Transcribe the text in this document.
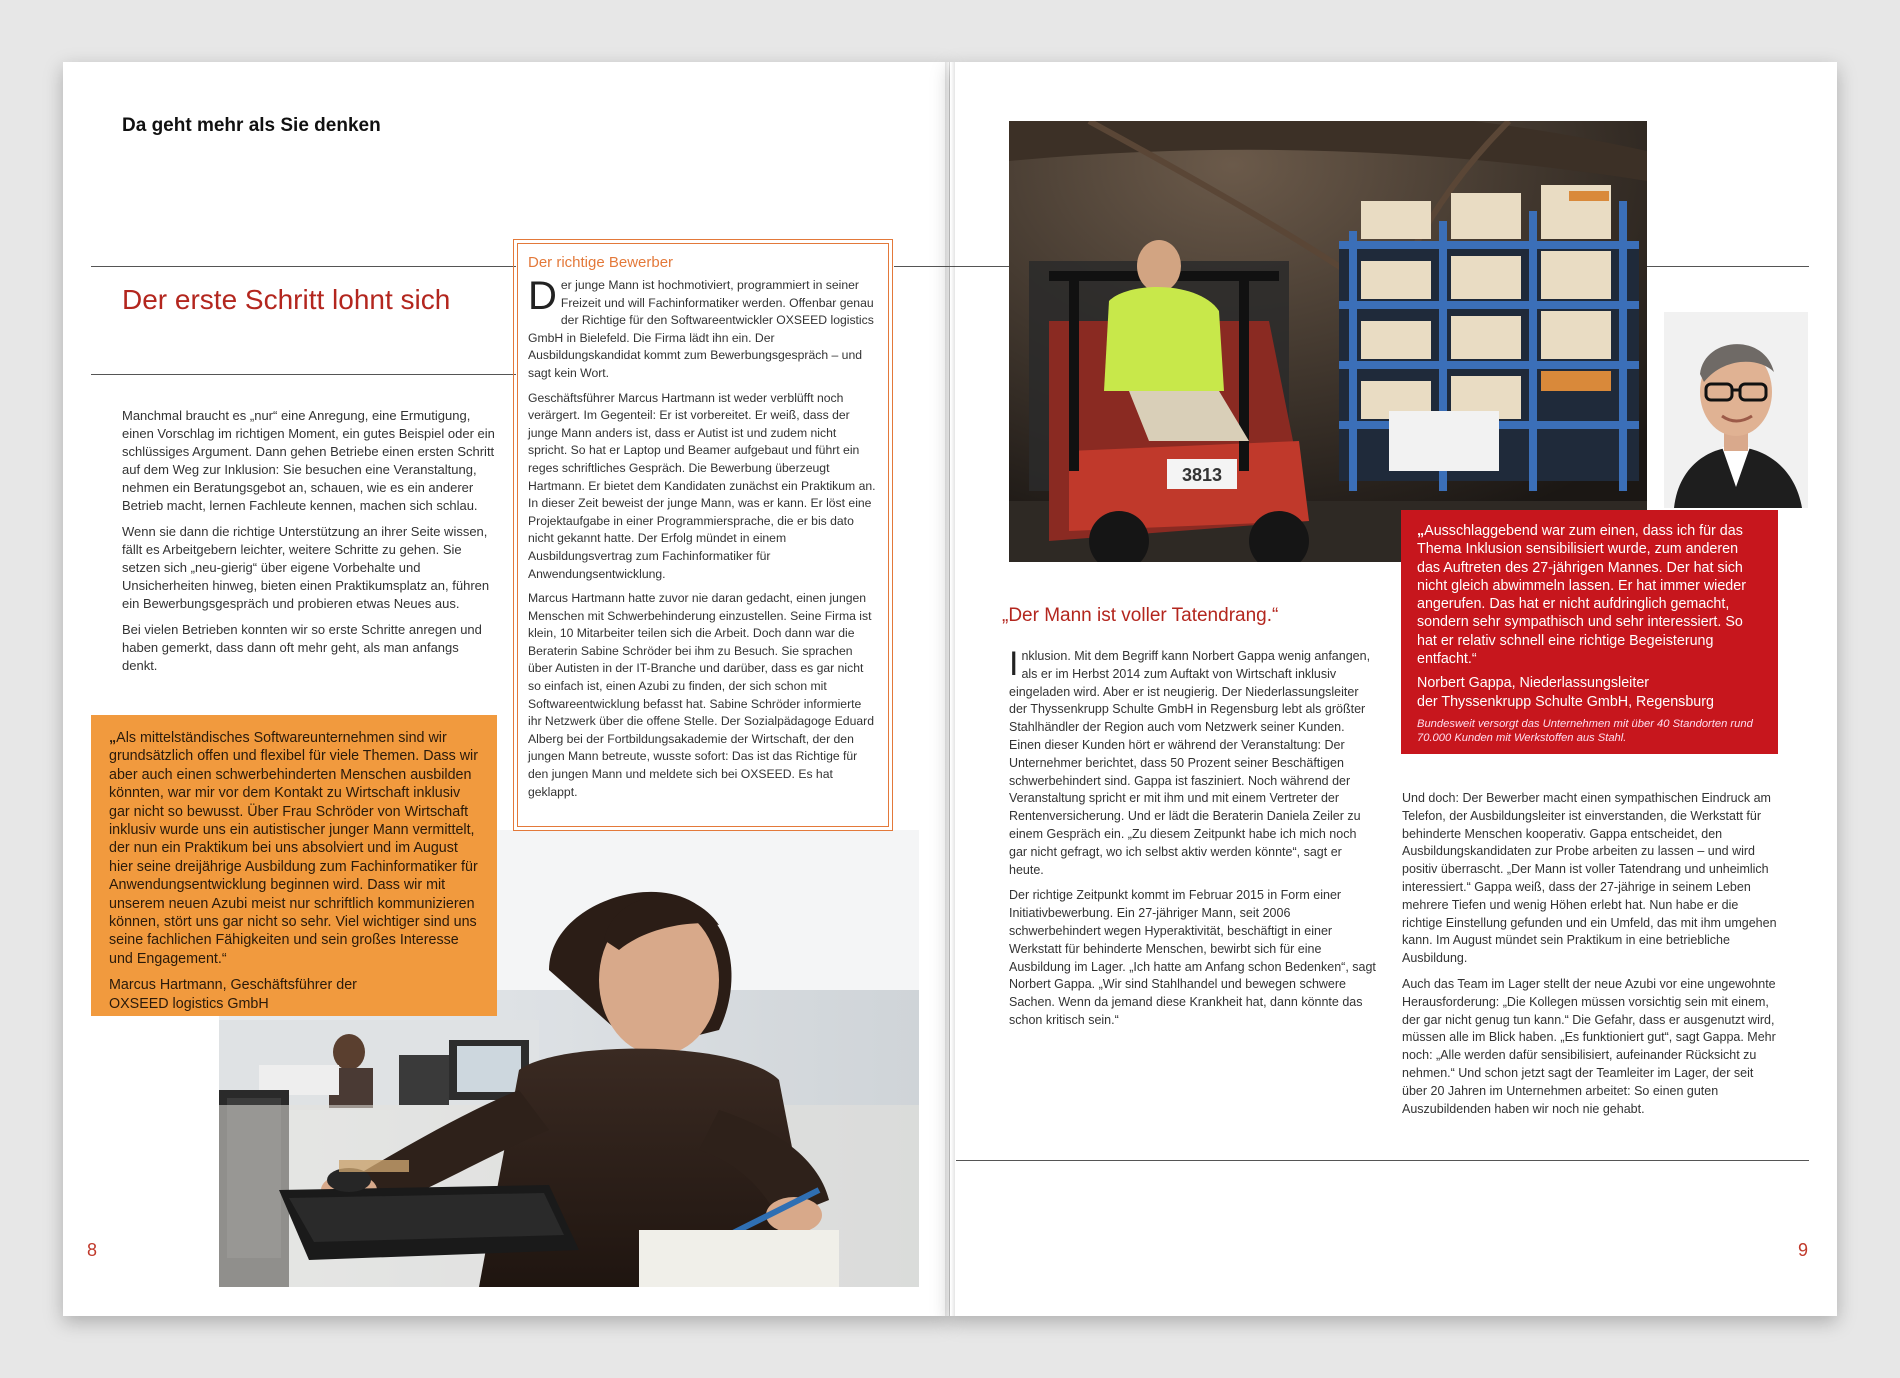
Da geht mehr als Sie denken
Der erste Schritt lohnt sich

Manchmal braucht es „nur“ eine Anregung, eine Ermutigung, einen Vorschlag im richtigen Moment, ein gutes Beispiel oder ein schlüssiges Argument. Dann gehen Betriebe einen ersten Schritt auf dem Weg zur Inklusion: Sie besuchen eine Veranstaltung, nehmen ein Beratungsgebot an, schauen, wie es ein anderer Betrieb macht, lernen Fachleute kennen, machen sich schlau.

Wenn sie dann die richtige Unterstützung an ihrer Seite wissen, fällt es Arbeitgebern leichter, weitere Schritte zu gehen. Sie setzen sich „neu-gierig“ über eigene Vorbehalte und Unsicherheiten hinweg, bieten einen Praktikumsplatz an, führen ein Bewerbungsgespräch und probieren etwas Neues aus.

Bei vielen Betrieben konnten wir so erste Schritte anregen und haben gemerkt, dass dann oft mehr geht, als man anfangs denkt.

Der richtige Bewerber

Der junge Mann ist hochmotiviert, programmiert in seiner Freizeit und will Fachinformatiker werden. Offenbar genau der Richtige für den Softwareentwickler OXSEED logistics GmbH in Bielefeld. Die Firma lädt ihn ein. Der Ausbildungskandidat kommt zum Bewerbungsgespräch – und sagt kein Wort.

Geschäftsführer Marcus Hartmann ist weder verblüfft noch verärgert. Im Gegenteil: Er ist vorbereitet. Er weiß, dass der junge Mann anders ist, dass er Autist ist und zudem nicht spricht. So hat er Laptop und Beamer aufgebaut und führt ein reges schriftliches Gespräch. Die Bewerbung überzeugt Hartmann. Er bietet dem Kandidaten zunächst ein Praktikum an. In dieser Zeit beweist der junge Mann, was er kann. Er löst eine Projektaufgabe in einer Programmiersprache, die er bis dato nicht gekannt hatte. Der Erfolg mündet in einem Ausbildungsvertrag zum Fachinformatiker für Anwendungsentwicklung.

Marcus Hartmann hatte zuvor nie daran gedacht, einen jungen Menschen mit Schwerbehinderung einzustellen. Seine Firma ist klein, 10 Mitarbeiter teilen sich die Arbeit. Doch dann war die Beraterin Sabine Schröder bei ihm zu Besuch. Sie sprachen über Autisten in der IT-Branche und darüber, dass es gar nicht so einfach ist, einen Azubi zu finden, der sich schon mit Softwareentwicklung befasst hat. Sabine Schröder informierte ihr Netzwerk über die offene Stelle. Der Sozialpädagoge Eduard Alberg bei der Fortbildungsakademie der Wirtschaft, der den jungen Mann betreute, wusste sofort: Das ist das Richtige für den jungen Mann und meldete sich bei OXSEED. Es hat geklappt.

„Als mittelständisches Softwareunternehmen sind wir grundsätzlich offen und flexibel für viele Themen. Dass wir aber auch einen schwerbehinderten Menschen ausbilden könnten, war mir vor dem Kontakt zu Wirtschaft inklusiv gar nicht so bewusst. Über Frau Schröder von Wirtschaft inklusiv wurde uns ein autistischer junger Mann vermittelt, der nun ein Praktikum bei uns absolviert und im August hier seine dreijährige Ausbildung zum Fachinformatiker für Anwendungsentwicklung beginnen wird. Dass wir mit unserem neuen Azubi meist nur schriftlich kommunizieren können, stört uns gar nicht so sehr. Viel wichtiger sind uns seine fachlichen Fähigkeiten und sein großes Interesse und Engagement.“
Marcus Hartmann, Geschäftsführer der
OXSEED logistics GmbH
8
3813
„Ausschlaggebend war zum einen, dass ich für das Thema Inklusion sensibilisiert wurde, zum anderen das Auftreten des 27-jährigen Mannes. Der hat sich nicht gleich abwimmeln lassen. Er hat immer wieder angerufen. Das hat er nicht aufdringlich gemacht, sondern sehr sympathisch und sehr interessiert. So hat er relativ schnell eine richtige Begeisterung entfacht.“
Norbert Gappa, Niederlassungsleiter
der Thyssenkrupp Schulte GmbH, Regensburg
Bundesweit versorgt das Unternehmen mit über 40 Standorten rund 70.000 Kunden mit Werkstoffen aus Stahl.
„Der Mann ist voller Tatendrang.“

Inklusion. Mit dem Begriff kann Norbert Gappa wenig anfangen, als er im Herbst 2014 zum Auftakt von Wirtschaft inklusiv eingeladen wird. Aber er ist neugierig. Der Niederlassungsleiter der Thyssenkrupp Schulte GmbH in Regensburg lebt als größter Stahlhändler der Region auch vom Netzwerk seiner Kunden. Einen dieser Kunden hört er während der Veranstaltung: Der Unternehmer berichtet, dass 50 Prozent seiner Beschäftigen schwerbehindert sind. Gappa ist fasziniert. Noch während der Veranstaltung spricht er mit ihm und mit einem Vertreter der Rentenversicherung. Und er lädt die Beraterin Daniela Zeiler zu einem Gespräch ein. „Zu diesem Zeitpunkt habe ich mich noch gar nicht gefragt, wo ich selbst aktiv werden könnte“, sagt er heute.

Der richtige Zeitpunkt kommt im Februar 2015 in Form einer Initiativbewerbung. Ein 27-jähriger Mann, seit 2006 schwerbehindert wegen Hyperaktivität, beschäftigt in einer Werkstatt für behinderte Menschen, bewirbt sich für eine Ausbildung im Lager. „Ich hatte am Anfang schon Bedenken“, sagt Norbert Gappa. „Wir sind Stahlhandel und bewegen schwere Sachen. Wenn da jemand diese Krankheit hat, dann könnte das schon kritisch sein.“

Und doch: Der Bewerber macht einen sympathischen Eindruck am Telefon, der Ausbildungsleiter ist einverstanden, die Werkstatt für behinderte Menschen kooperativ. Gappa entscheidet, den Ausbildungskandidaten zur Probe arbeiten zu lassen – und wird positiv überrascht. „Der Mann ist voller Tatendrang und unheimlich interessiert.“ Gappa weiß, dass der 27-jährige in seinem Leben mehrere Tiefen und wenig Höhen erlebt hat. Nun habe er die richtige Einstellung gefunden und ein Umfeld, das mit ihm umgehen kann. Im August mündet sein Praktikum in eine betriebliche Ausbildung.

Auch das Team im Lager stellt der neue Azubi vor eine ungewohnte Herausforderung: „Die Kollegen müssen vorsichtig sein mit einem, der gar nicht genug tun kann.“ Die Gefahr, dass er ausgenutzt wird, müssen alle im Blick haben. „Es funktioniert gut“, sagt Gappa. Mehr noch: „Alle werden dafür sensibilisiert, aufeinander Rücksicht zu nehmen.“ Und schon jetzt sagt der Teamleiter im Lager, der seit über 20 Jahren im Unternehmen arbeitet: So einen guten Auszubildenden haben wir noch nie gehabt.

9
